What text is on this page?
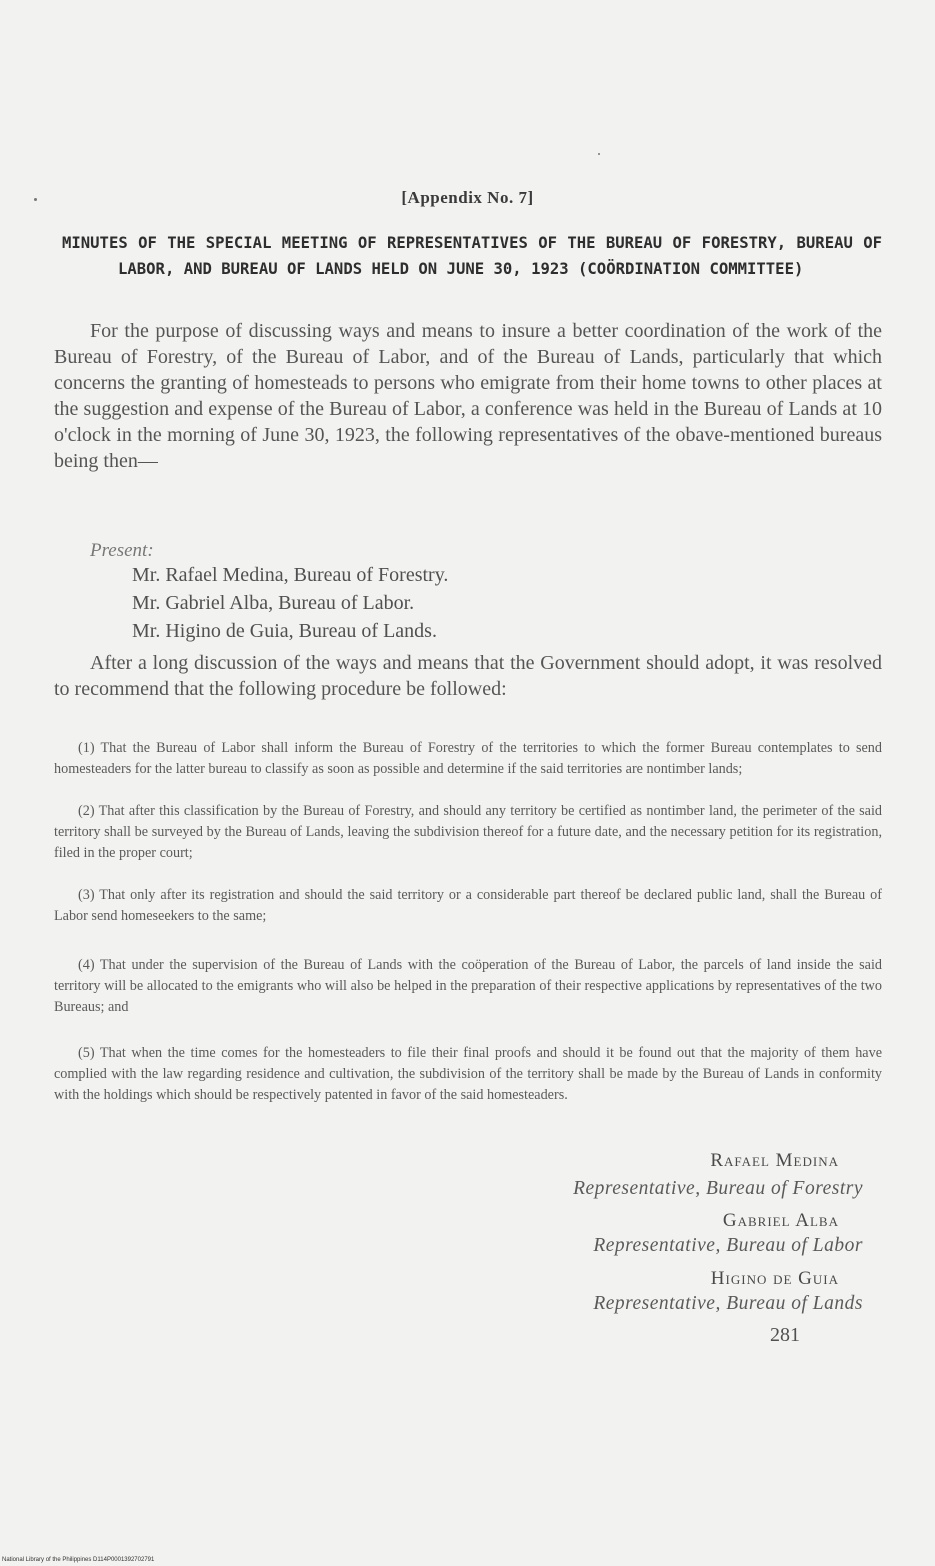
[Appendix No. 7]
MINUTES OF THE SPECIAL MEETING OF REPRESENTATIVES OF THE BUREAU OF FORESTRY, BUREAU OF LABOR, AND BUREAU OF LANDS HELD ON JUNE 30, 1923 (COÖRDINATION COMMITTEE)
For the purpose of discussing ways and means to insure a better coordination of the work of the Bureau of Forestry, of the Bureau of Labor, and of the Bureau of Lands, particularly that which concerns the granting of homesteads to persons who emigrate from their home towns to other places at the suggestion and expense of the Bureau of Labor, a conference was held in the Bureau of Lands at 10 o'clock in the morning of June 30, 1923, the following representatives of the obave-mentioned bureaus being then—
Present:
Mr. Rafael Medina, Bureau of Forestry.
Mr. Gabriel Alba, Bureau of Labor.
Mr. Higino de Guia, Bureau of Lands.
After a long discussion of the ways and means that the Government should adopt, it was resolved to recommend that the following procedure be followed:
(1) That the Bureau of Labor shall inform the Bureau of Forestry of the territories to which the former Bureau contemplates to send homesteaders for the latter bureau to classify as soon as possible and determine if the said territories are nontimber lands;
(2) That after this classification by the Bureau of Forestry, and should any territory be certified as nontimber land, the perimeter of the said territory shall be surveyed by the Bureau of Lands, leaving the subdivision thereof for a future date, and the necessary petition for its registration, filed in the proper court;
(3) That only after its registration and should the said territory or a considerable part thereof be declared public land, shall the Bureau of Labor send homeseekers to the same;
(4) That under the supervision of the Bureau of Lands with the coöperation of the Bureau of Labor, the parcels of land inside the said territory will be allocated to the emigrants who will also be helped in the preparation of their respective applications by representatives of the two Bureaus; and
(5) That when the time comes for the homesteaders to file their final proofs and should it be found out that the majority of them have complied with the law regarding residence and cultivation, the subdivision of the territory shall be made by the Bureau of Lands in conformity with the holdings which should be respectively patented in favor of the said homesteaders.
Rafael Medina
Representative, Bureau of Forestry
Gabriel Alba
Representative, Bureau of Labor
Higino de Guia
Representative, Bureau of Lands
281
National Library of the Philippines D114P0001392702791
